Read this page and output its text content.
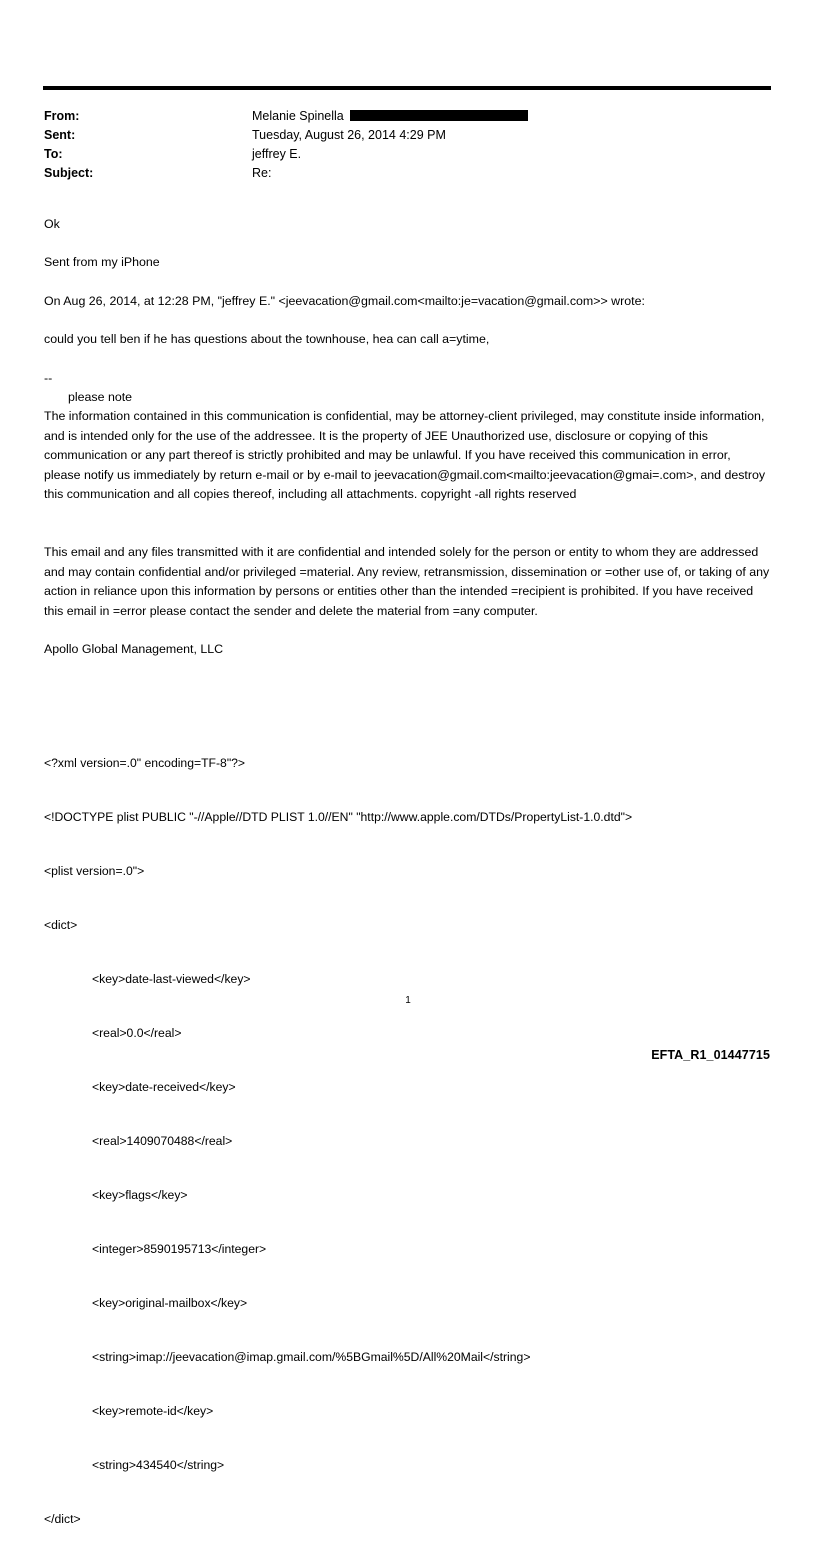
From:	Melanie Spinella
Sent:	Tuesday, August 26, 2014 4:29 PM
To:	jeffrey E.
Subject:	Re:

Ok

Sent from my iPhone

On Aug 26, 2014, at 12:28 PM, "jeffrey E." <jeevacation@gmail.com<mailto:je=vacation@gmail.com>> wrote:

could you tell ben if he has questions about the townhouse, hea can call a=ytime,

--

please note

The information contained in this communication is confidential, may be attorney-client privileged, may constitute inside information, and is intended only for the use of the addressee. It is the property of JEE Unauthorized use, disclosure or copying of this communication or any part thereof is strictly prohibited and may be unlawful. If you have received this communication in error, please notify us immediately by return e-mail or by e-mail to jeevacation@gmail.com<mailto:jeevacation@gmai=.com>, and destroy this communication and all copies thereof, including all attachments. copyright -all rights reserved

This email and any files transmitted with it are confidential and intended solely for the person or entity to whom they are addressed and may contain confidential and/or privileged =material. Any review, retransmission, dissemination or =other use of, or taking of any action in reliance upon this information by persons or entities other than the intended =recipient is prohibited. If you have received this email in =error please contact the sender and delete the material from =any computer.

Apollo Global Management, LLC

<?xml version=.0" encoding=TF-8"?>

<!DOCTYPE plist PUBLIC "-//Apple//DTD PLIST 1.0//EN" "http://www.apple.com/DTDs/PropertyList-1.0.dtd">

<plist version=.0">

<dict>

<key>date-last-viewed</key>

<real>0.0</real>

<key>date-received</key>

<real>1409070488</real>

<key>flags</key>

<integer>8590195713</integer>

<key>original-mailbox</key>

<string>imap://jeevacation@imap.gmail.com/%5BGmail%5D/All%20Mail</string>

<key>remote-id</key>

<string>434540</string>

</dict>

1
EFTA_R1_01447715
